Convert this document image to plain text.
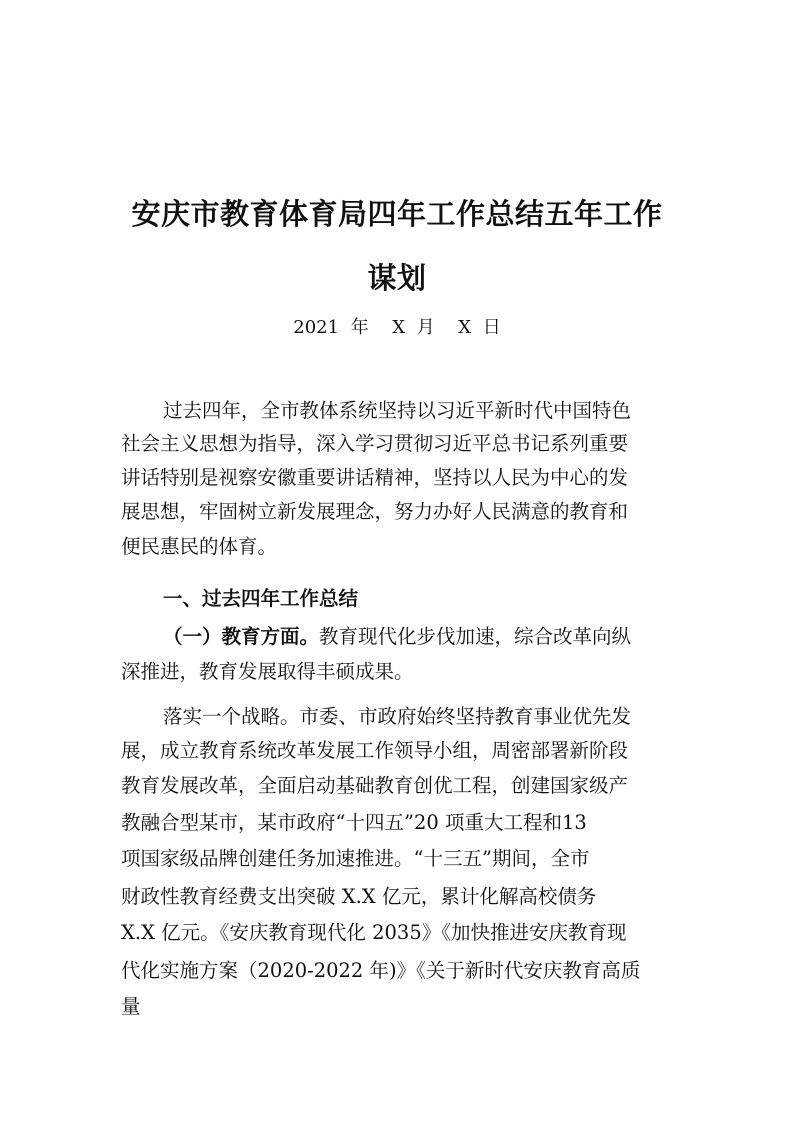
安庆市教育体育局四年工作总结五年工作
谋划
2021 年  X 月  X 日
过去四年，全市教体系统坚持以习近平新时代中国特色
社会主义思想为指导，深入学习贯彻习近平总书记系列重要
讲话特别是视察安徽重要讲话精神，坚持以人民为中心的发
展思想，牢固树立新发展理念，努力办好人民满意的教育和
便民惠民的体育。
一、过去四年工作总结
（一）教育方面。教育现代化步伐加速，综合改革向纵
深推进，教育发展取得丰硕成果。
落实一个战略。市委、市政府始终坚持教育事业优先发
展，成立教育系统改革发展工作领导小组，周密部署新阶段
教育发展改革，全面启动基础教育创优工程，创建国家级产
教融合型某市，某市政府“十四五”20 项重大工程和13
项国家级品牌创建任务加速推进。“十三五”期间，全市
财政性教育经费支出突破 X.X 亿元，累计化解高校债务
X.X 亿元。《安庆教育现代化 2035》《加快推进安庆教育现
代化实施方案（2020-2022 年)》《关于新时代安庆教育高质
量
